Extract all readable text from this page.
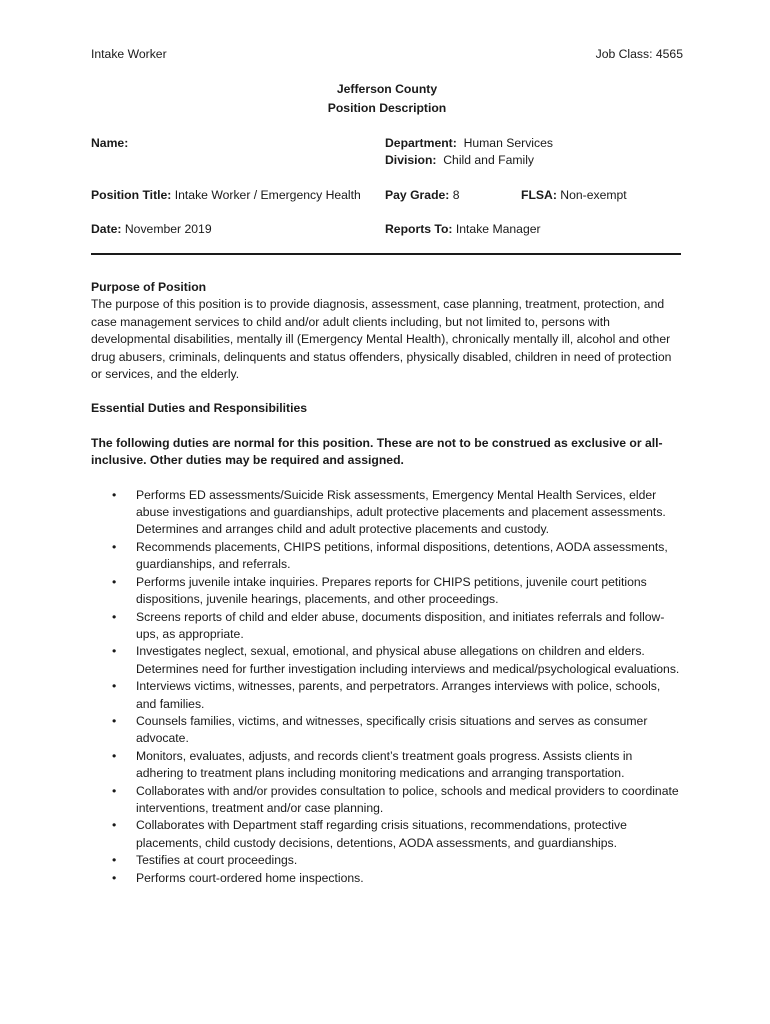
Intake Worker	Job Class: 4565
Jefferson County
Position Description
Name:	Department: Human Services
Division: Child and Family
Position Title: Intake Worker / Emergency Health Pay Grade: 8	FLSA: Non-exempt
Date: November 2019	Reports To: Intake Manager
Purpose of Position

The purpose of this position is to provide diagnosis, assessment, case planning, treatment, protection, and case management services to child and/or adult clients including, but not limited to, persons with developmental disabilities, mentally ill (Emergency Mental Health), chronically mentally ill, alcohol and other drug abusers, criminals, delinquents and status offenders, physically disabled, children in need of protection or services, and the elderly.

Essential Duties and Responsibilities
The following duties are normal for this position. These are not to be construed as exclusive or all-inclusive. Other duties may be required and assigned.
• Performs ED assessments/Suicide Risk assessments, Emergency Mental Health Services, elder abuse investigations and guardianships, adult protective placements and placement assessments. Determines and arranges child and adult protective placements and custody.
• Recommends placements, CHIPS petitions, informal dispositions, detentions, AODA assessments, guardianships, and referrals.
• Performs juvenile intake inquiries. Prepares reports for CHIPS petitions, juvenile court petitions dispositions, juvenile hearings, placements, and other proceedings.
• Screens reports of child and elder abuse, documents disposition, and initiates referrals and follow-ups, as appropriate.
• Investigates neglect, sexual, emotional, and physical abuse allegations on children and elders. Determines need for further investigation including interviews and medical/psychological evaluations.
• Interviews victims, witnesses, parents, and perpetrators. Arranges interviews with police, schools, and families.
• Counsels families, victims, and witnesses, specifically crisis situations and serves as consumer advocate.
• Monitors, evaluates, adjusts, and records client’s treatment goals progress. Assists clients in adhering to treatment plans including monitoring medications and arranging transportation.
• Collaborates with and/or provides consultation to police, schools and medical providers to coordinate interventions, treatment and/or case planning.
• Collaborates with Department staff regarding crisis situations, recommendations, protective placements, child custody decisions, detentions, AODA assessments, and guardianships.
• Testifies at court proceedings.
• Performs court-ordered home inspections.
